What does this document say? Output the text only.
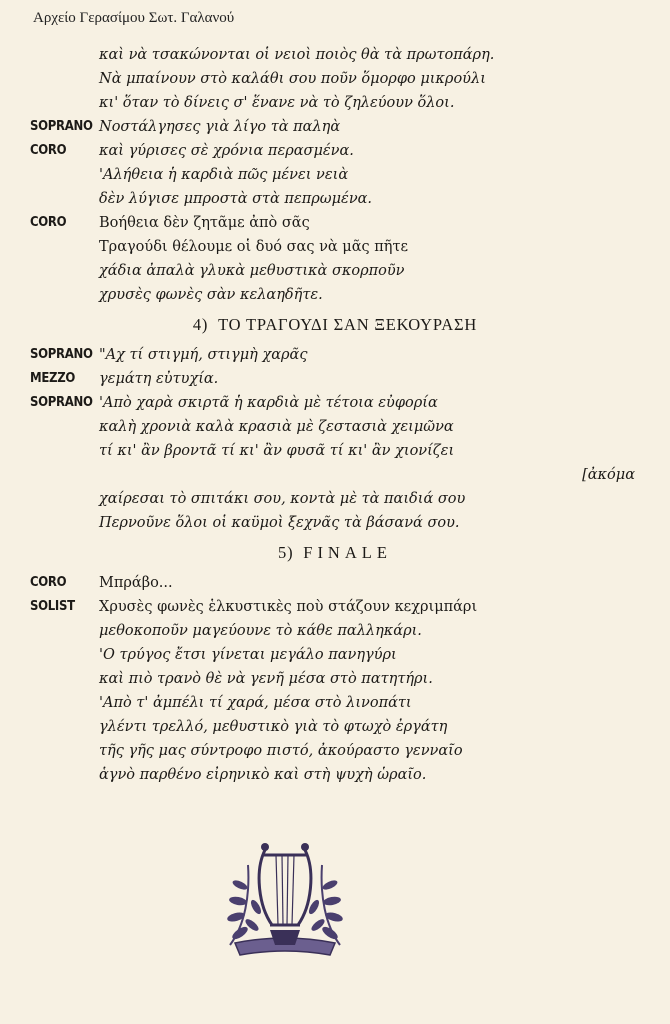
Αρχείο Γερασίμου Σωτ. Γαλανού
καὶ νὰ τσακώνονται οἱ νειοὶ ποιὸς θὰ τὰ πρωτοπάρη.
Νὰ μπαίνουν στὸ καλάθι σου ποῦν ὅμορφο μικρούλι
κι' ὅταν τὸ δίνεις σ' ἕνανε νὰ τὸ ζηλεύουν ὅλοι.
SOPRANO Νοστάλγησες γιὰ λίγο τὰ παληὰ
CORO καὶ γύρισες σὲ χρόνια περασμένα.
'Αλήθεια ἡ καρδιὰ πῶς μένει νειὰ
δὲν λύγισε μπροστὰ στὰ πεπρωμένα.
CORO Βοήθεια δὲν ζητᾶμε ἀπὸ σᾶς
Τραγούδι θέλουμε οἱ δυό σας νὰ μᾶς πῆτε
χάδια ἀπαλὰ γλυκὰ μεθυστικὰ σκορποῦν
χρυσὲς φωνὲς σὰν κελαηδῆτε.
4) ΤΟ ΤΡΑΓΟΥΔΙ ΣΑΝ ΞΕΚΟΥΡΑΣΗ
SOPRANO "Αχ τί στιγμή, στιγμὴ χαρᾶς
MEZZO γεμάτη εὐτυχία.
SOPRANO 'Απὸ χαρὰ σκιρτᾶ ἡ καρδιὰ μὲ τέτοια εὐφορία
καλὴ χρονιὰ καλὰ κρασιὰ μὲ ζεστασιὰ χειμῶνα
τί κι' ἂν βροντᾶ τί κι' ἂν φυσᾶ τί κι' ἂν χιονίζει
[ἀκόμα
χαίρεσαι τὸ σπιτάκι σου, κοντὰ μὲ τὰ παιδιά σου
Περνοῦνε ὅλοι οἱ καϋμοὶ ξεχνᾶς τὰ βάσανά σου.
5) FINALE
CORO Μπράβο...
SOLIST Χρυσὲς φωνὲς ἑλκυστικὲς ποὺ στάζουν κεχριμπάρι
μεθοκοποῦν μαγεύουνε τὸ κάθε παλληκάρι.
'Ο τρύγος ἔτσι γίνεται μεγάλο πανηγύρι
καὶ πιὸ τρανὸ θὲ νὰ γενῆ μέσα στὸ πατητήρι.
'Απὸ τ' ἀμπέλι τί χαρά, μέσα στὸ λινοπάτι
γλέντι τρελλό, μεθυστικὸ γιὰ τὸ φτωχὸ ἐργάτη
τῆς γῆς μας σύντροφο πιστό, ἀκούραστο γενναῖο
ἁγνὸ παρθένο εἰρηνικὸ καὶ στὴ ψυχὴ ὡραῖο.
